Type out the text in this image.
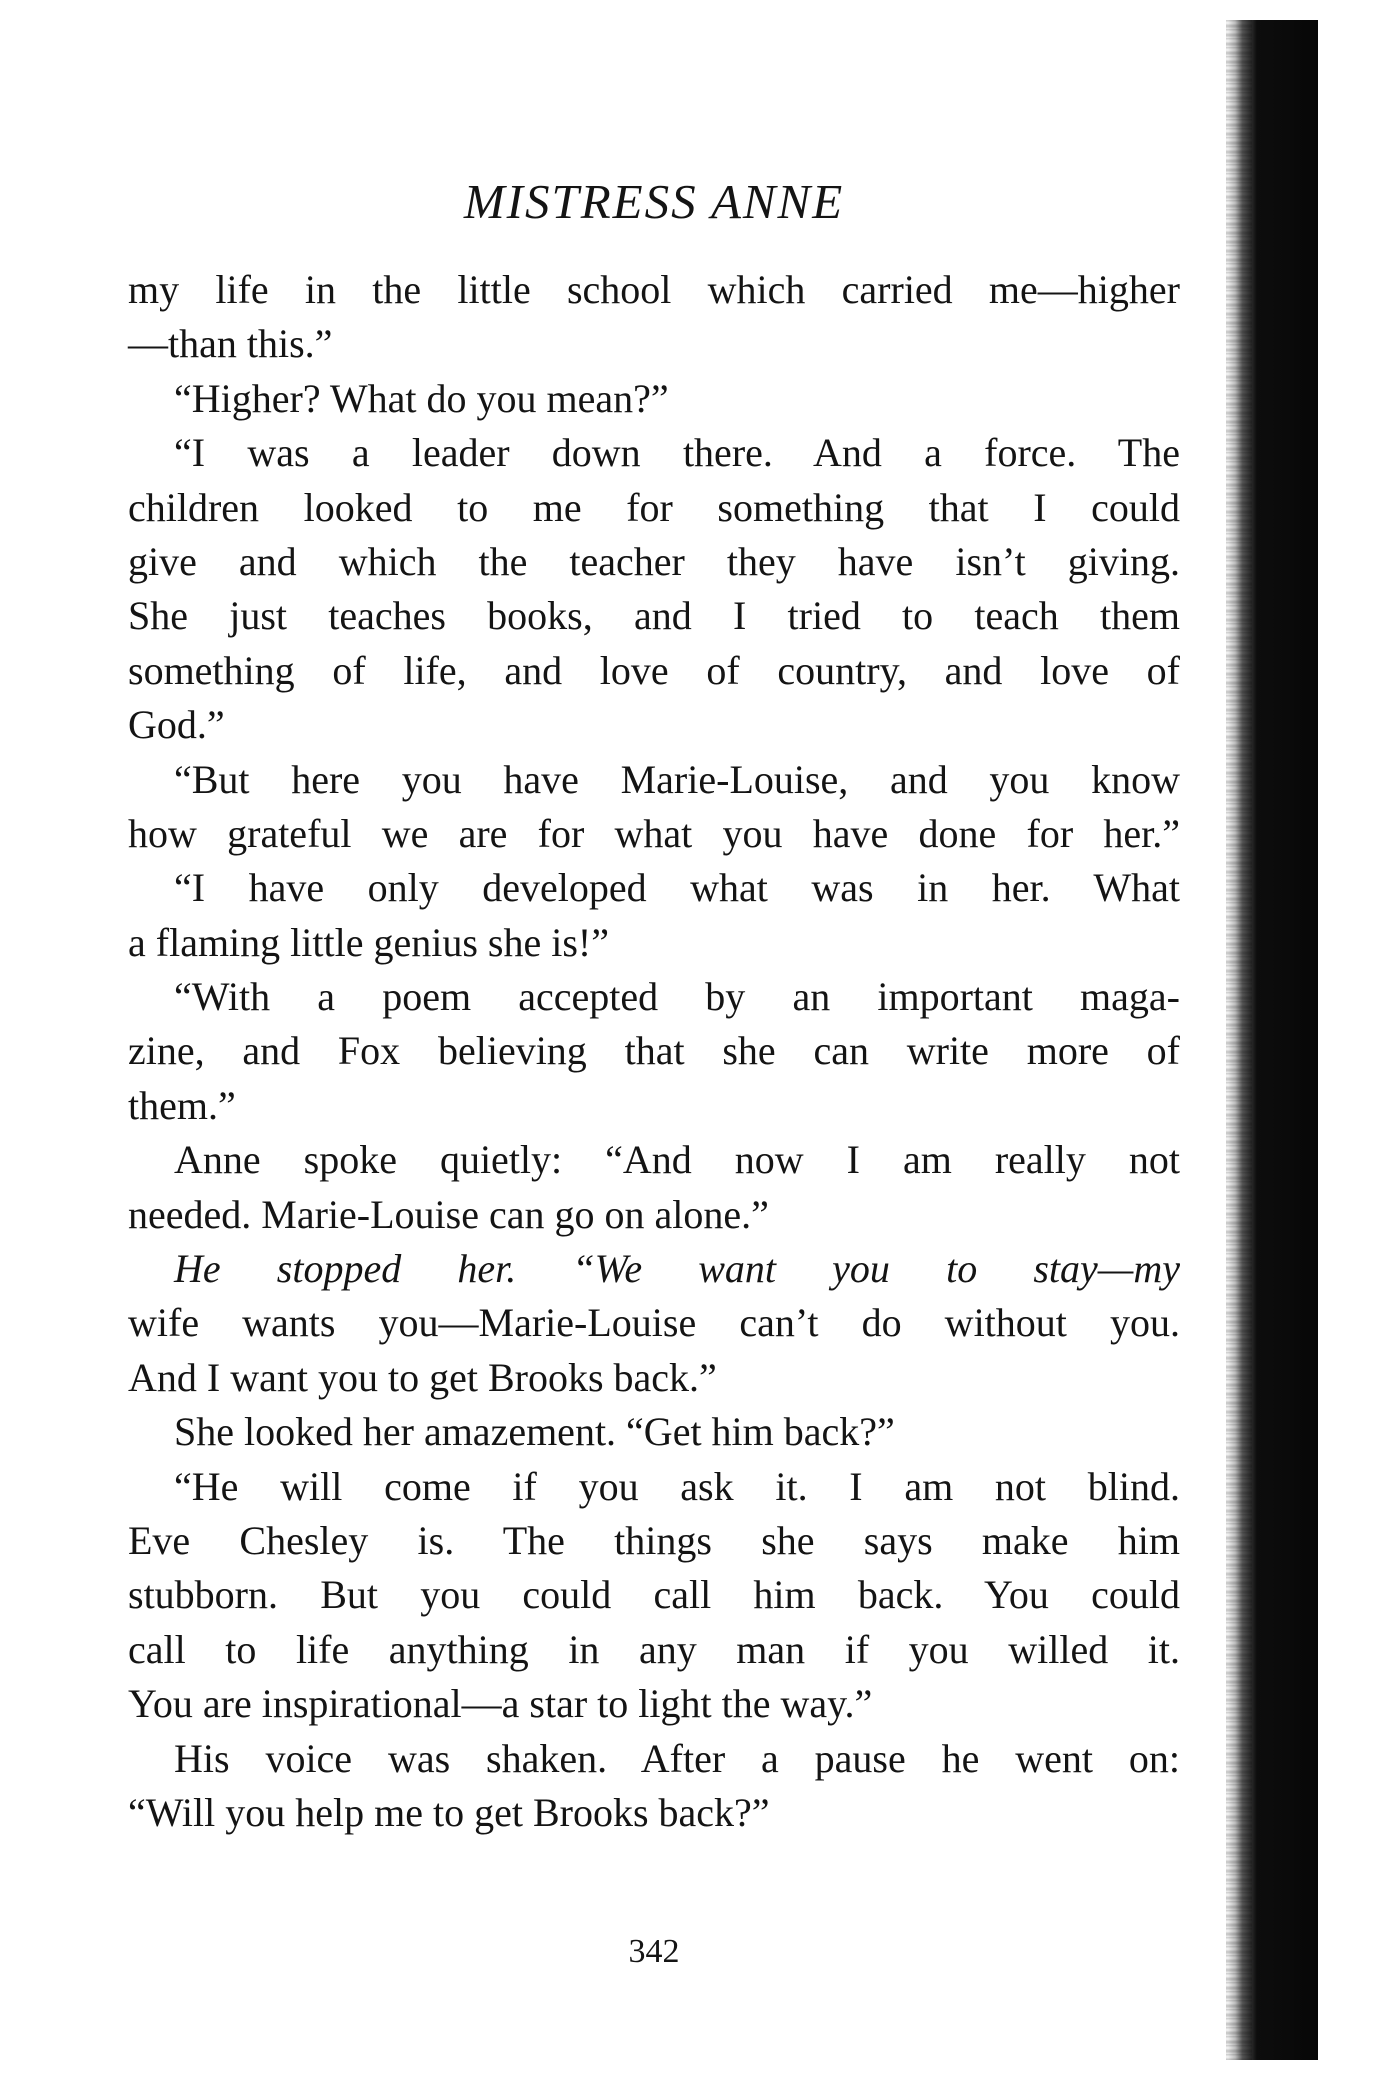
MISTRESS ANNE
my life in the little school which carried me—higher
—than this.”
“Higher? What do you mean?”
“I was a leader down there. And a force. The
children looked to me for something that I could
give and which the teacher they have isn’t giving.
She just teaches books, and I tried to teach them
something of life, and love of country, and love of
God.”
“But here you have Marie-Louise, and you know
how grateful we are for what you have done for her.”
“I have only developed what was in her. What
a flaming little genius she is!”
“With a poem accepted by an important maga-
zine, and Fox believing that she can write more of
them.”
Anne spoke quietly: “And now I am really not
needed. Marie-Louise can go on alone.”
He stopped her. “We want you to stay—my
wife wants you—Marie-Louise can’t do without you.
And I want you to get Brooks back.”
She looked her amazement. “Get him back?”
“He will come if you ask it. I am not blind.
Eve Chesley is. The things she says make him
stubborn. But you could call him back. You could
call to life anything in any man if you willed it.
You are inspirational—a star to light the way.”
His voice was shaken. After a pause he went on:
“Will you help me to get Brooks back?”
342
